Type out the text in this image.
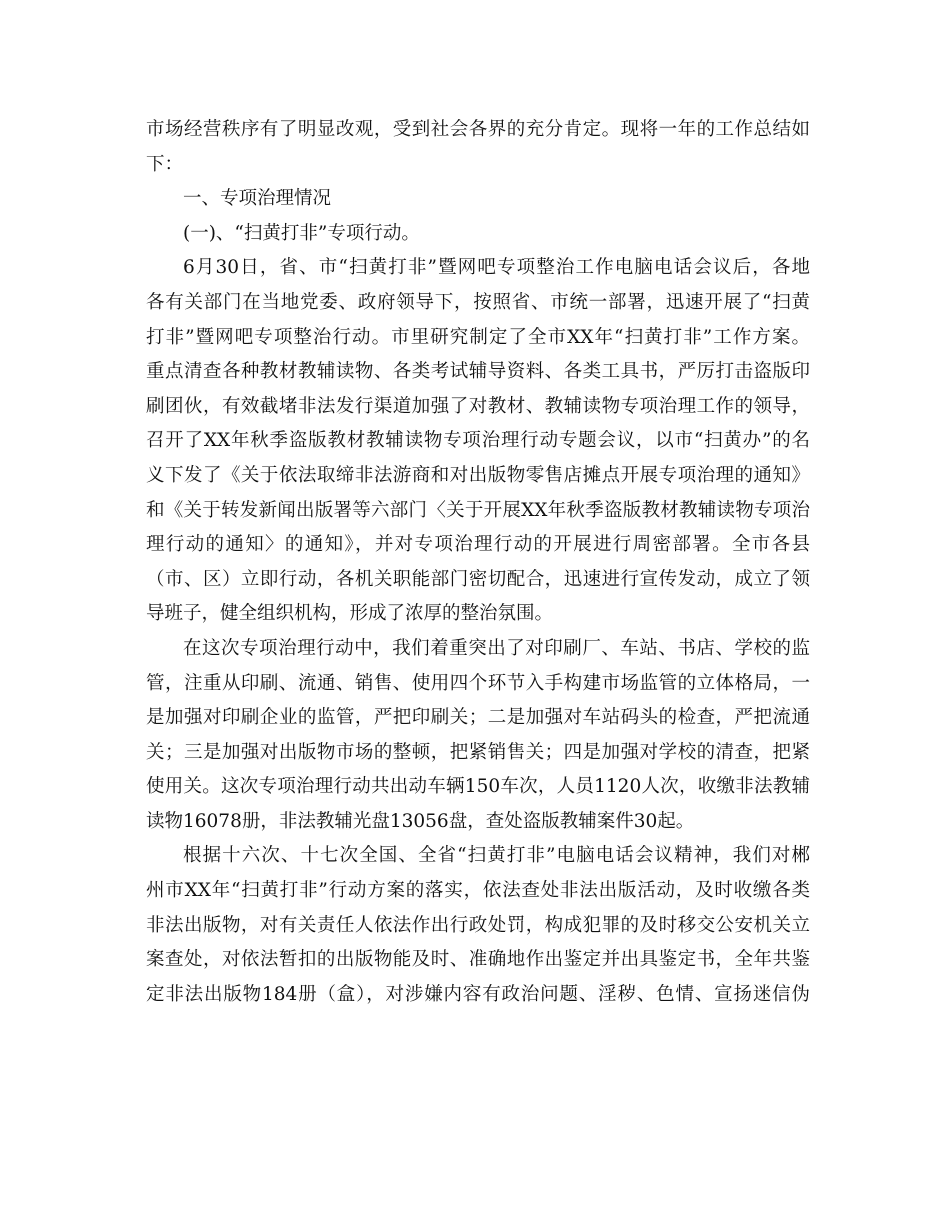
市场经营秩序有了明显改观，受到社会各界的充分肯定。现将一年的工作总结如
下：
一、专项治理情况
(一)、“扫黄打非”专项行动。
6月30日，省、市“扫黄打非”暨网吧专项整治工作电脑电话会议后，各地
各有关部门在当地党委、政府领导下，按照省、市统一部署，迅速开展了“扫黄
打非”暨网吧专项整治行动。市里研究制定了全市XX年“扫黄打非”工作方案。
重点清查各种教材教辅读物、各类考试辅导资料、各类工具书，严厉打击盗版印
刷团伙，有效截堵非法发行渠道加强了对教材、教辅读物专项治理工作的领导，
召开了XX年秋季盗版教材教辅读物专项治理行动专题会议，以市“扫黄办”的名
义下发了《关于依法取缔非法游商和对出版物零售店摊点开展专项治理的通知》
和《关于转发新闻出版署等六部门〈关于开展XX年秋季盗版教材教辅读物专项治
理行动的通知〉的通知》，并对专项治理行动的开展进行周密部署。全市各县
（市、区）立即行动，各机关职能部门密切配合，迅速进行宣传发动，成立了领
导班子，健全组织机构，形成了浓厚的整治氛围。
在这次专项治理行动中，我们着重突出了对印刷厂、车站、书店、学校的监
管，注重从印刷、流通、销售、使用四个环节入手构建市场监管的立体格局，一
是加强对印刷企业的监管，严把印刷关；二是加强对车站码头的检查，严把流通
关；三是加强对出版物市场的整顿，把紧销售关；四是加强对学校的清查，把紧
使用关。这次专项治理行动共出动车辆150车次，人员1120人次，收缴非法教辅
读物16078册，非法教辅光盘13056盘，查处盗版教辅案件30起。
根据十六次、十七次全国、全省“扫黄打非”电脑电话会议精神，我们对郴
州市XX年“扫黄打非”行动方案的落实，依法查处非法出版活动，及时收缴各类
非法出版物，对有关责任人依法作出行政处罚，构成犯罪的及时移交公安机关立
案查处，对依法暂扣的出版物能及时、准确地作出鉴定并出具鉴定书，全年共鉴
定非法出版物184册（盒），对涉嫌内容有政治问题、淫秽、色情、宣扬迷信伪
